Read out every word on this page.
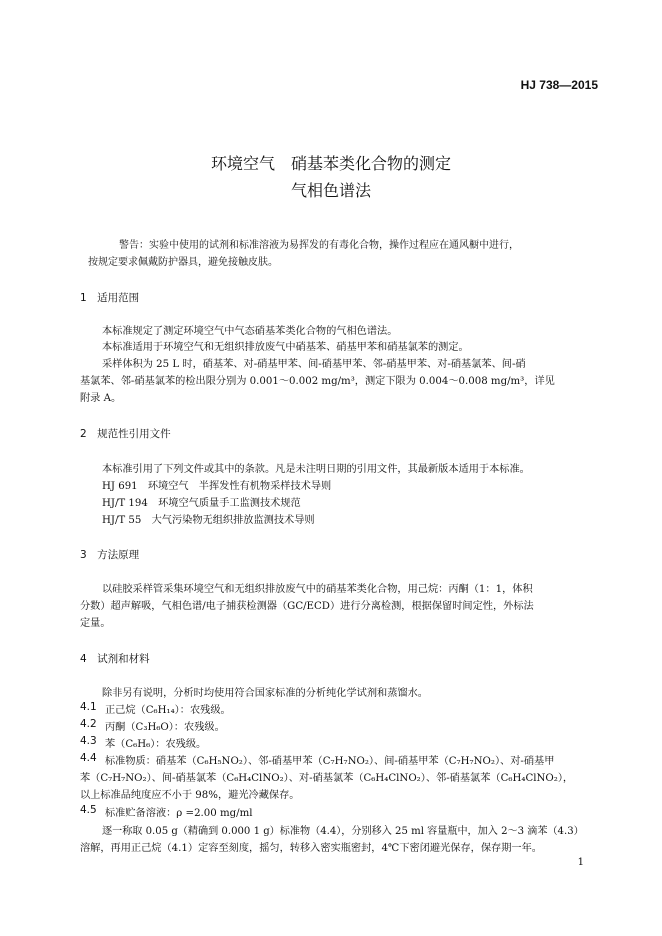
HJ 738—2015
环境空气　硝基苯类化合物的测定
气相色谱法
警告：实验中使用的试剂和标准溶液为易挥发的有毒化合物，操作过程应在通风橱中进行，
按规定要求佩戴防护器具，避免接触皮肤。
1　适用范围
本标准规定了测定环境空气中气态硝基苯类化合物的气相色谱法。
本标准适用于环境空气和无组织排放废气中硝基苯、硝基甲苯和硝基氯苯的测定。
采样体积为 25 L 时，硝基苯、对-硝基甲苯、间-硝基甲苯、邻-硝基甲苯、对-硝基氯苯、间-硝
基氯苯、邻-硝基氯苯的检出限分别为 0.001～0.002 mg/m³，测定下限为 0.004～0.008 mg/m³，详见
附录 A。
2　规范性引用文件
本标准引用了下列文件或其中的条款。凡是未注明日期的引用文件，其最新版本适用于本标准。
HJ 691　环境空气　半挥发性有机物采样技术导则
HJ/T 194　环境空气质量手工监测技术规范
HJ/T 55　大气污染物无组织排放监测技术导则
3　方法原理
以硅胶采样管采集环境空气和无组织排放废气中的硝基苯类化合物，用己烷：丙酮（1：1，体积
分数）超声解吸，气相色谱/电子捕获检测器（GC/ECD）进行分离检测，根据保留时间定性，外标法
定量。
4　试剂和材料
除非另有说明，分析时均使用符合国家标准的分析纯化学试剂和蒸馏水。
4.1 正己烷（C₆H₁₄）：农残级。
4.2 丙酮（C₃H₆O）：农残级。
4.3 苯（C₆H₆）：农残级。
4.4 标准物质：硝基苯（C₆H₅NO₂）、邻-硝基甲苯（C₇H₇NO₂）、间-硝基甲苯（C₇H₇NO₂）、对-硝基甲
苯（C₇H₇NO₂）、间-硝基氯苯（C₆H₄ClNO₂）、对-硝基氯苯（C₆H₄ClNO₂）、邻-硝基氯苯（C₆H₄ClNO₂），
以上标准品纯度应不小于 98%，避光冷藏保存。
4.5 标准贮备溶液：ρ =2.00 mg/ml
逐一称取 0.05 g（精确到 0.000 1 g）标准物（4.4），分别移入 25 ml 容量瓶中，加入 2～3 滴苯（4.3）
溶解，再用正己烷（4.1）定容至刻度，摇匀，转移入密实瓶密封，4℃下密闭避光保存，保存期一年。
1
